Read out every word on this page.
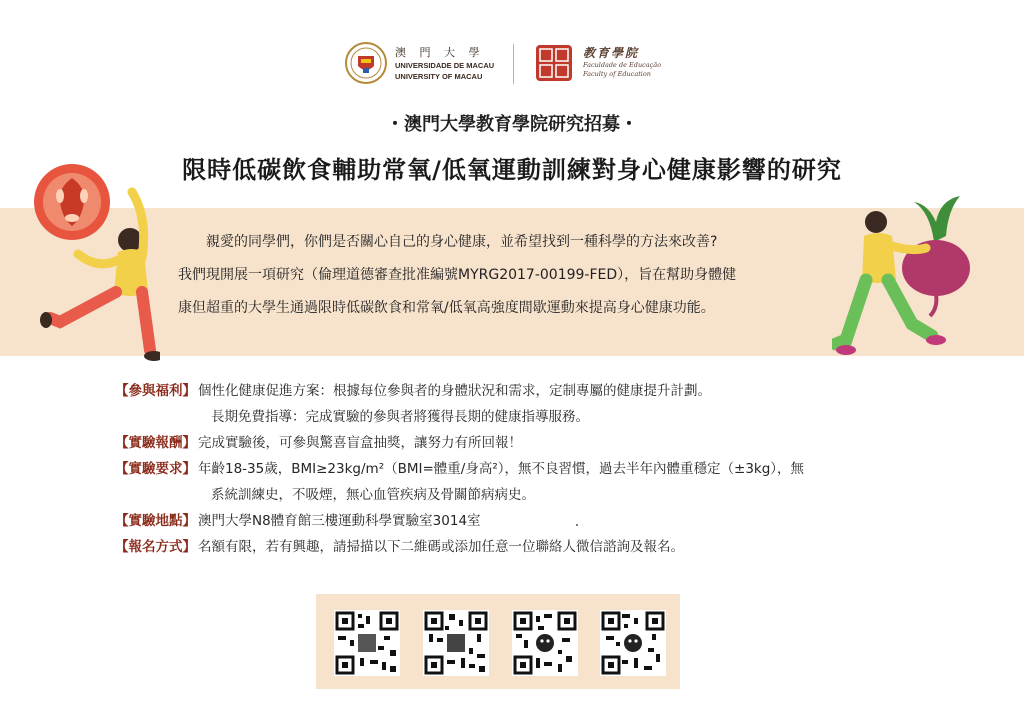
澳 門 大 學
UNIVERSIDADE DE MACAU
UNIVERSITY OF MACAU
教育學院
Faculdade de Educação
Faculty of Education
・澳門大學教育學院研究招募・
限時低碳飲食輔助常氧/低氧運動訓練對身心健康影響的研究

親愛的同學們，你們是否關心自己的身心健康，並希望找到一種科學的方法來改善?

我們現開展一項研究（倫理道德審查批准編號MYRG2017-00199-FED），旨在幫助身體健

康但超重的大學生通過限時低碳飲食和常氧/低氧高強度間歇運動來提高身心健康功能。

【參與福利】 個性化健康促進方案：根據每位參與者的身體狀況和需求，定制專屬的健康提升計劃。
長期免費指導：完成實驗的參與者將獲得長期的健康指導服務。
【實驗報酬】 完成實驗後，可參與驚喜盲盒抽獎，讓努力有所回報！
【實驗要求】 年齡18-35歲，BMI≥23kg/m²（BMI=體重/身高²），無不良習慣，過去半年內體重穩定（±3kg），無
系統訓練史，不吸煙，無心血管疾病及骨關節病病史。
【實驗地點】 澳門大學N8體育館三樓運動科學實驗室3014室
【報名方式】 名額有限，若有興趣，請掃描以下二維碼或添加任意一位聯絡人微信諮詢及報名。
